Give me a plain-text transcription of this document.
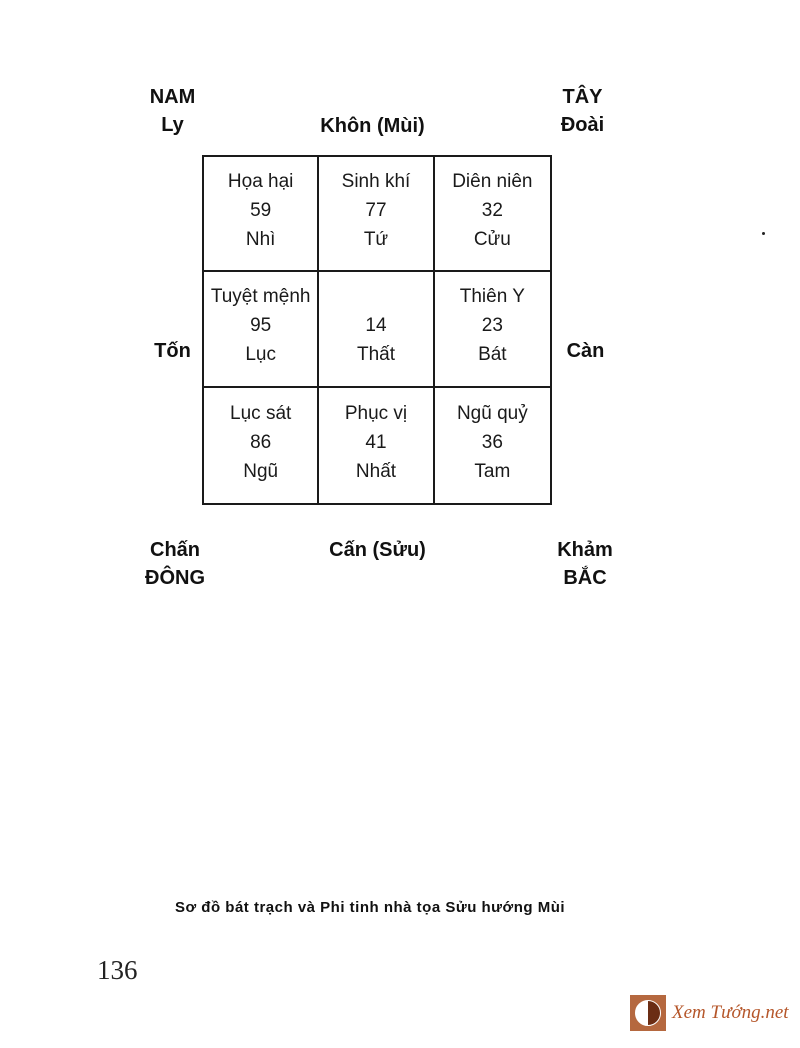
NAM
Ly
TÂY
Đoài
Khôn (Mùi)
Tốn	Càn
Chấn
ĐÔNG
Cấn (Sửu)	Khảm
BẮC
Họa hại
59
Nhì
Sinh khí
77
Tứ
Diên niên
32
Cửu
Tuyệt mệnh
95
Lục
14
Thất
Thiên Y
23
Bát
Lục sát
86
Ngũ
Phục vị
41
Nhất
Ngũ quỷ
36
Tam
Sơ đồ bát trạch và Phi tinh nhà tọa Sửu hướng Mùi
136
Xem Tướng.net
